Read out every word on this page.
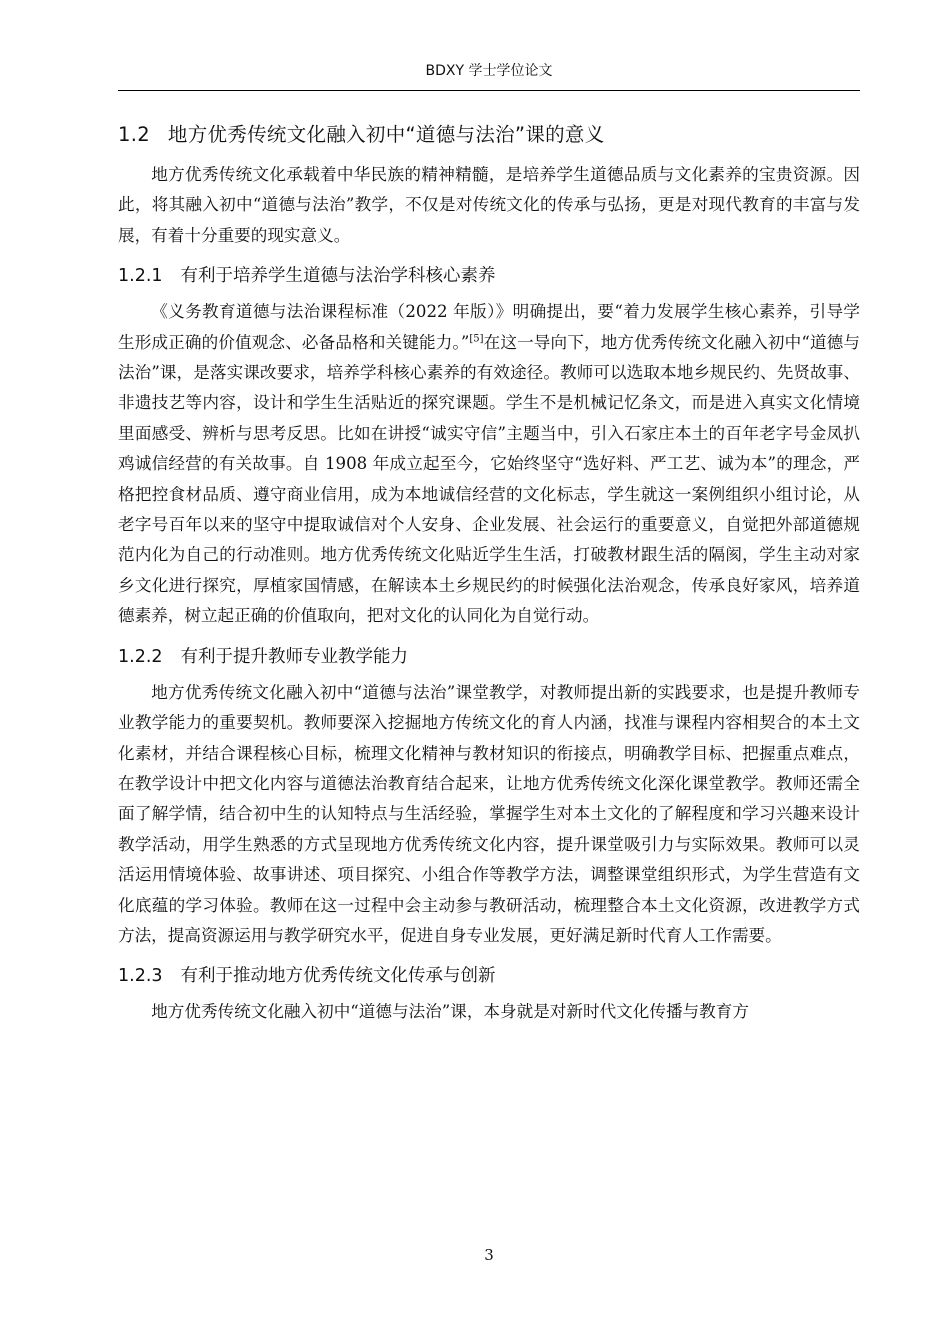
BDXY 学士学位论文
1.2 地方优秀传统文化融入初中“道德与法治”课的意义

地方优秀传统文化承载着中华民族的精神精髓，是培养学生道德品质与文化素养的宝贵资源。因此，将其融入初中“道德与法治”教学，不仅是对传统文化的传承与弘扬，更是对现代教育的丰富与发展，有着十分重要的现实意义。

1.2.1 有利于培养学生道德与法治学科核心素养

《义务教育道德与法治课程标准（2022 年版）》明确提出，要“着力发展学生核心素养，引导学生形成正确的价值观念、必备品格和关键能力。”[5]在这一导向下，地方优秀传统文化融入初中“道德与法治”课，是落实课改要求，培养学科核心素养的有效途径。教师可以选取本地乡规民约、先贤故事、非遗技艺等内容，设计和学生生活贴近的探究课题。学生不是机械记忆条文，而是进入真实文化情境里面感受、辨析与思考反思。比如在讲授“诚实守信”主题当中，引入石家庄本土的百年老字号金凤扒鸡诚信经营的有关故事。自 1908 年成立起至今，它始终坚守“选好料、严工艺、诚为本”的理念，严格把控食材品质、遵守商业信用，成为本地诚信经营的文化标志，学生就这一案例组织小组讨论，从老字号百年以来的坚守中提取诚信对个人安身、企业发展、社会运行的重要意义，自觉把外部道德规范内化为自己的行动准则。地方优秀传统文化贴近学生生活，打破教材跟生活的隔阂，学生主动对家乡文化进行探究，厚植家国情感，在解读本土乡规民约的时候强化法治观念，传承良好家风，培养道德素养，树立起正确的价值取向，把对文化的认同化为自觉行动。

1.2.2 有利于提升教师专业教学能力

地方优秀传统文化融入初中“道德与法治”课堂教学，对教师提出新的实践要求，也是提升教师专业教学能力的重要契机。教师要深入挖掘地方传统文化的育人内涵，找准与课程内容相契合的本土文化素材，并结合课程核心目标，梳理文化精神与教材知识的衔接点，明确教学目标、把握重点难点，在教学设计中把文化内容与道德法治教育结合起来，让地方优秀传统文化深化课堂教学。教师还需全面了解学情，结合初中生的认知特点与生活经验，掌握学生对本土文化的了解程度和学习兴趣来设计教学活动，用学生熟悉的方式呈现地方优秀传统文化内容，提升课堂吸引力与实际效果。教师可以灵活运用情境体验、故事讲述、项目探究、小组合作等教学方法，调整课堂组织形式，为学生营造有文化底蕴的学习体验。教师在这一过程中会主动参与教研活动，梳理整合本土文化资源，改进教学方式方法，提高资源运用与教学研究水平，促进自身专业发展，更好满足新时代育人工作需要。

1.2.3 有利于推动地方优秀传统文化传承与创新

地方优秀传统文化融入初中“道德与法治”课，本身就是对新时代文化传播与教育方

3
